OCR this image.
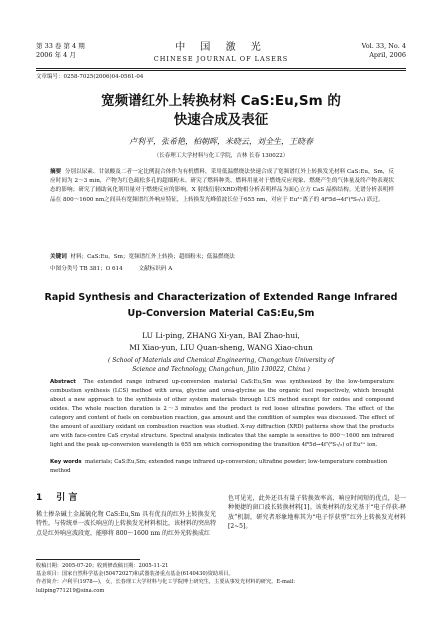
第 33 卷 第 4 期
2006 年 4 月
中 国 激 光
CHINESE JOURNAL OF LASERS
Vol. 33, No. 4
April, 2006
文章编号：0258-7025(2006)04-0561-04
宽频谱红外上转换材料 CaS:Eu,Sm 的
快速合成及表征
卢利平，张希艳，柏朝晖，米晓云，刘全生，王晓春
（长春理工大学材料与化工学院，吉林 长春 130022）
摘要 分别以尿素、甘氨酸及二者一定比例混合体作为有机燃料，采用低温燃烧法快速合成了宽频谱红外上转换发光材料 CaS:Eu，Sm，反应时间为 2～3 min，产物为红色疏松多孔的超细粉末。研究了燃料种类、燃料用量对于燃烧反应现象、燃烧产生的气体量及终产物表观状态的影响；研究了辅助氧化剂用量对于燃烧反应的影响。X 射线衍射(XRD)物相分析表明样品为面心立方 CaS 晶格结构。光谱分析表明样品在 800～1600 nm之间具有宽频谱红外响应特征，上转换发光峰值波长位于655 nm，对应于 Eu²⁺离子的 4f⁶5d→4f⁷(⁸S₇/₂) 跃迁。
关键词 材料；CaS:Eu，Sm；宽频谱红外上转换；超细粉末；低温燃烧法
中图分类号 TB 381；O 614	文献标识码 A
Rapid Synthesis and Characterization of Extended Range Infrared
Up-Conversion Material CaS:Eu,Sm
LU Li-ping, ZHANG Xi-yan, BAI Zhao-hui,
MI Xiao-yun, LIU Quan-sheng, WANG Xiao-chun
( School of Materials and Chemical Engineering, Changchun University of
Science and Technology, Changchun, Jilin 130022, China )
Abstract The extended range infrared up-conversion material CaS:Eu,Sm was synthesized by the low-temperature combustion synthesis (LCS) method with urea, glycine and urea-glycine as the organic fuel respectively, which brought about a new approach to the synthesis of other system materials through LCS method except for oxides and compound oxides. The whole reaction duration is 2～3 minutes and the product is red loose ultrafine powders. The effect of the category and content of fuels on combustion reaction, gas amount and the condition of samples was discussed. The effect of the amount of auxiliary oxidant on combustion reaction was studied. X-ray diffraction (XRD) patterns show that the products are with face-centre CaS crystal structure. Spectral analysis indicates that the sample is sensitive to 800～1600 nm infrared light and the peak up-conversion wavelength is 655 nm which corresponding the transition 4f⁶5d→4f⁷(⁸S₇/₂) of Eu²⁺ ion.
Key words materials; CaS:Eu,Sm; extended range infrared up-conversion; ultrafine powder; low-temperature combustion method
1 引 言
稀土掺杂碱土金属硫化物 CaS:Eu,Sm 具有优良的红外上转换发光特性，与传统单一波长响应的上转换发光材料相比，该材料的突出特点是红外响应波段宽，能够将 800～1600 nm 的红外光转换成红
色可见光，此外还具有量子转换效率高、响应时间短的优点，是一种便捷的窗口波长转换材料[1]。该类材料的发光基于“电子俘获-释放”机制，研究者形象地称其为“电子俘获型”红外上转换发光材料[2~5]。
收稿日期：2005-07-20；收到修改稿日期：2005-11-21
基金项目：国家自然科学基金(50472027)和武器装备重点基金(6140430)资助项目。
作者简介：卢利平(1978—)，女，长春理工大学材料与化工学院博士研究生，主要从事发光材料的研究。E-mail:
luliping771219@sina.com
